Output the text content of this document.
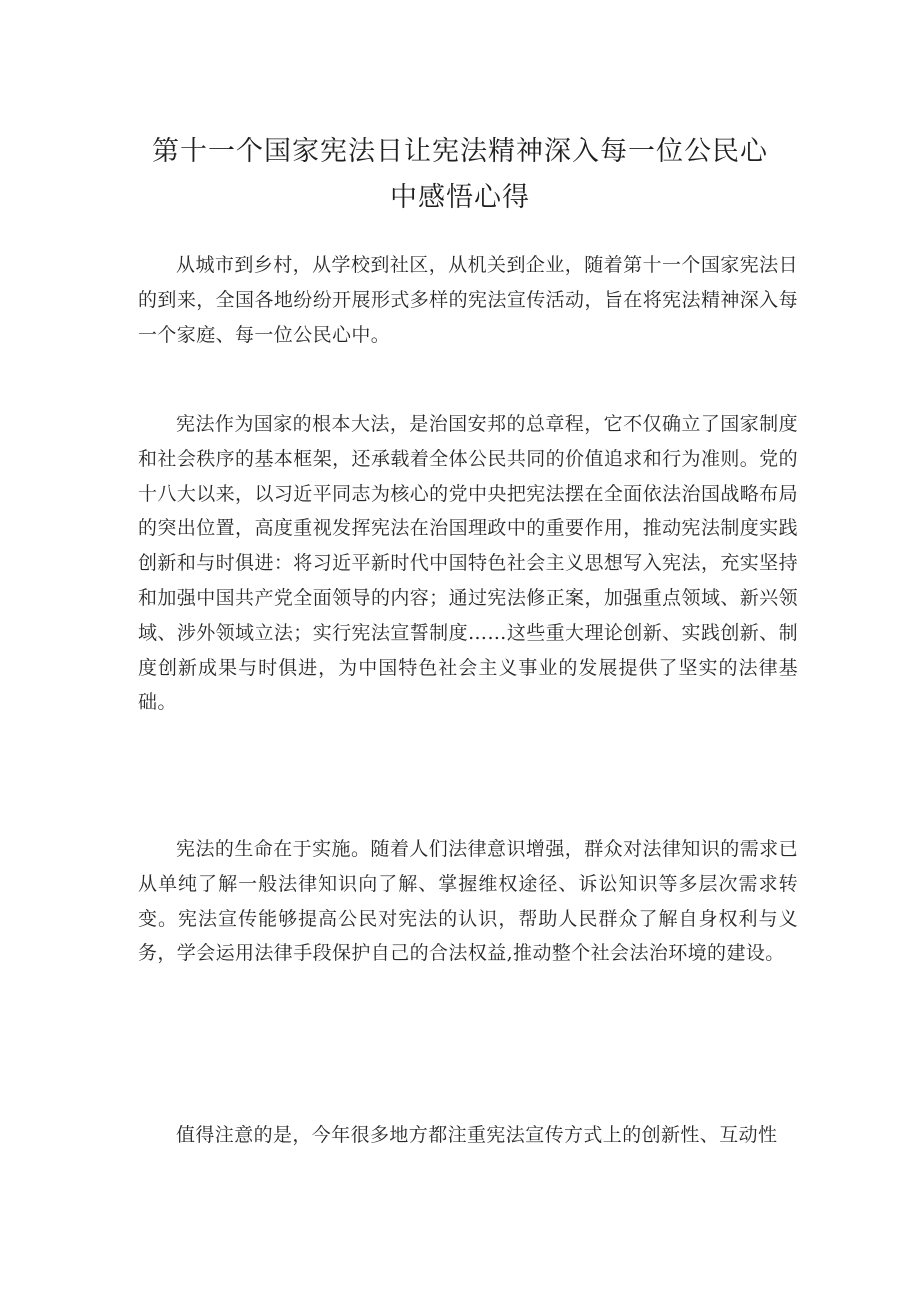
第十一个国家宪法日让宪法精神深入每一位公民心
中感悟心得

从城市到乡村，从学校到社区，从机关到企业，随着第十一个国家宪法日的到来，全国各地纷纷开展形式多样的宪法宣传活动，旨在将宪法精神深入每一个家庭、每一位公民心中。

宪法作为国家的根本大法，是治国安邦的总章程，它不仅确立了国家制度和社会秩序的基本框架，还承载着全体公民共同的价值追求和行为准则。党的十八大以来，以习近平同志为核心的党中央把宪法摆在全面依法治国战略布局的突出位置，高度重视发挥宪法在治国理政中的重要作用，推动宪法制度实践创新和与时俱进：将习近平新时代中国特色社会主义思想写入宪法，充实坚持和加强中国共产党全面领导的内容；通过宪法修正案，加强重点领域、新兴领域、涉外领域立法；实行宪法宣誓制度……这些重大理论创新、实践创新、制度创新成果与时俱进，为中国特色社会主义事业的发展提供了坚实的法律基础。

宪法的生命在于实施。随着人们法律意识增强，群众对法律知识的需求已从单纯了解一般法律知识向了解、掌握维权途径、诉讼知识等多层次需求转变。宪法宣传能够提高公民对宪法的认识，帮助人民群众了解自身权利与义务，学会运用法律手段保护自己的合法权益,推动整个社会法治环境的建设。

值得注意的是，今年很多地方都注重宪法宣传方式上的创新性、互动性
